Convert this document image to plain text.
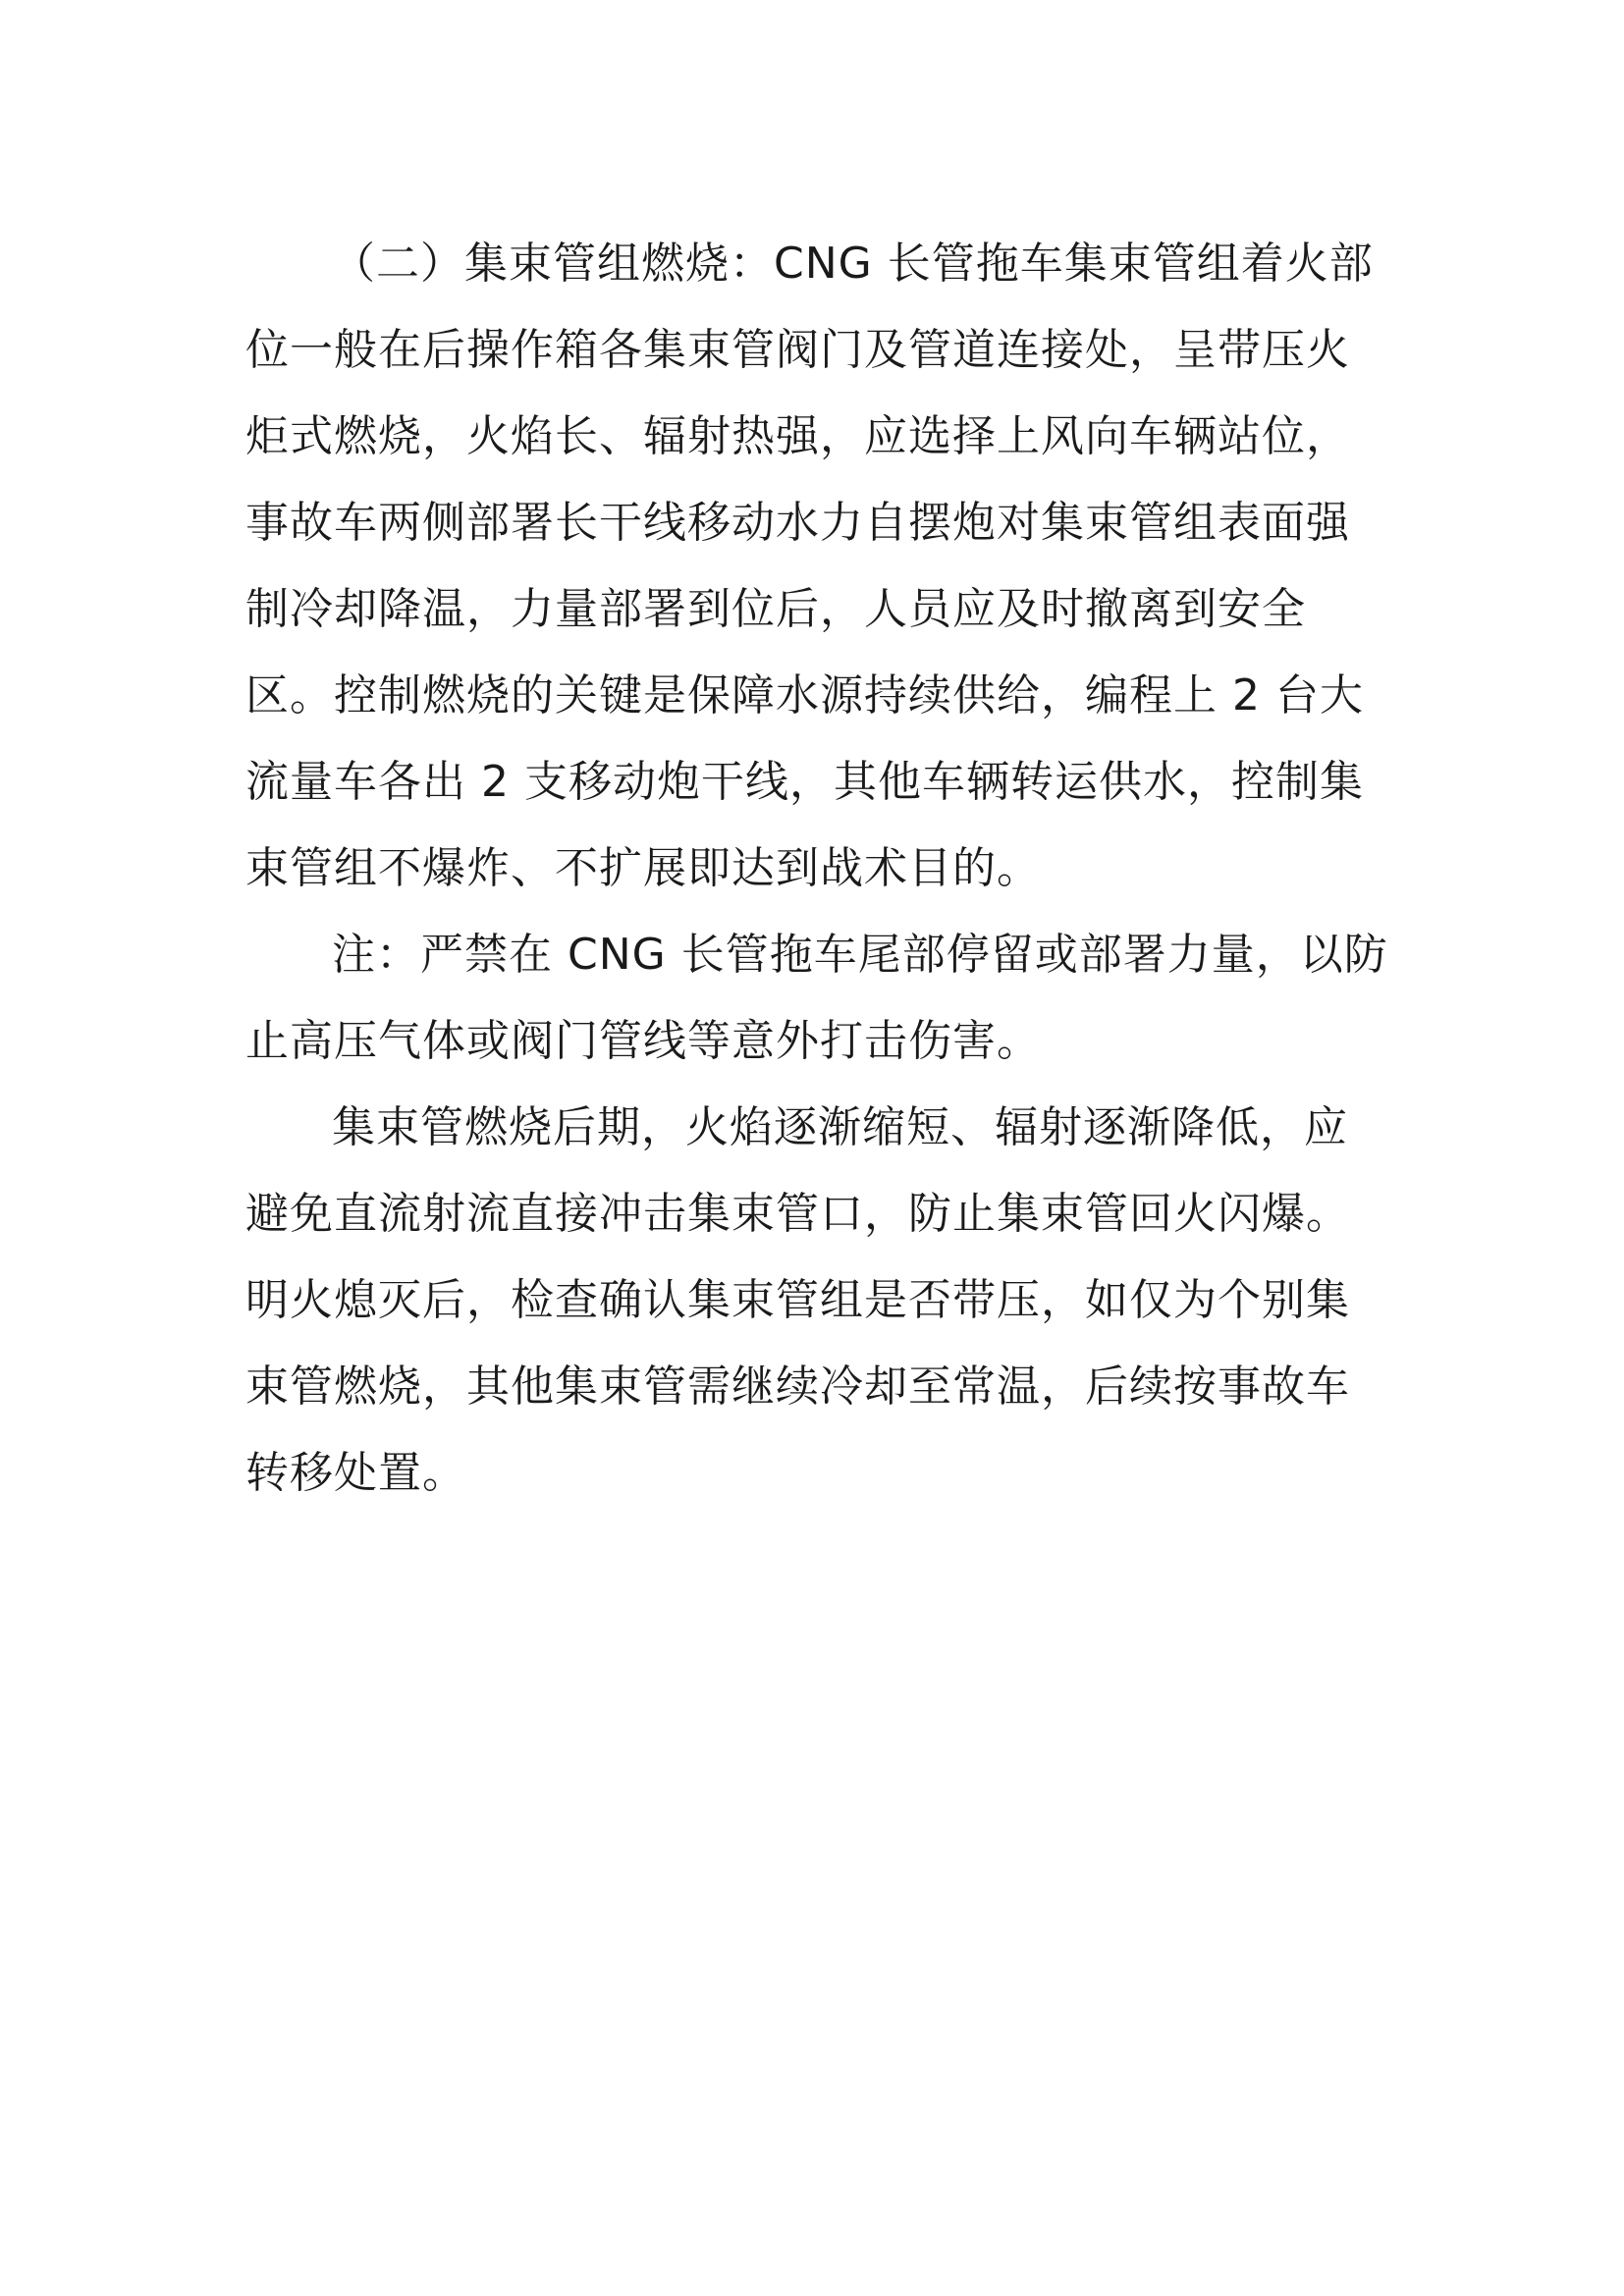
（二）集束管组燃烧：CNG 长管拖车集束管组着火部
位一般在后操作箱各集束管阀门及管道连接处，呈带压火
炬式燃烧，火焰长、辐射热强，应选择上风向车辆站位，
事故车两侧部署长干线移动水力自摆炮对集束管组表面强
制冷却降温，力量部署到位后，人员应及时撤离到安全
区。控制燃烧的关键是保障水源持续供给，编程上 2 台大
流量车各出 2 支移动炮干线，其他车辆转运供水，控制集
束管组不爆炸、不扩展即达到战术目的。
注：严禁在 CNG 长管拖车尾部停留或部署力量，以防
止高压气体或阀门管线等意外打击伤害。
集束管燃烧后期，火焰逐渐缩短、辐射逐渐降低，应
避免直流射流直接冲击集束管口，防止集束管回火闪爆。
明火熄灭后，检查确认集束管组是否带压，如仅为个别集
束管燃烧，其他集束管需继续冷却至常温，后续按事故车
转移处置。
